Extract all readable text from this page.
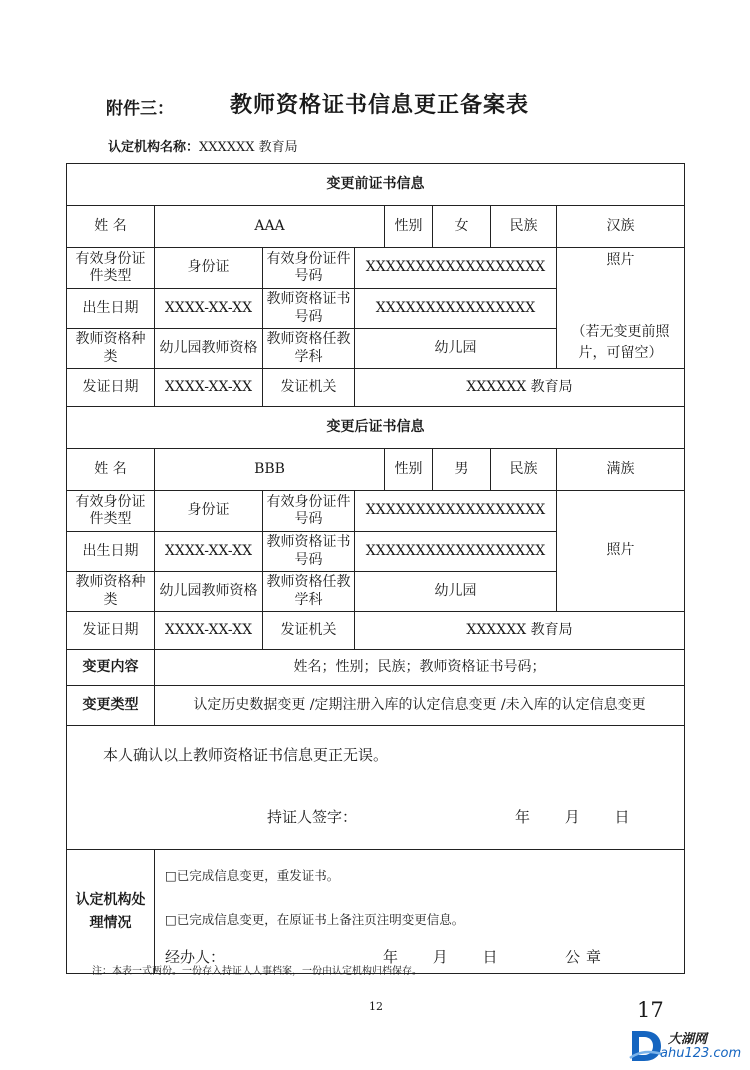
附件三：	教师资格证书信息更正备案表
认定机构名称：XXXXXX 教育局
变更前证书信息							
姓 名	AAA			性别	女	民族	汉族
有效身份证件类型	身份证	有效身份证件号码	XXXXXXXXXXXXXXXXXX				照片
（若无变更前照片，可留空）

出生日期	XXXX-XX-XX	教师资格证书号码	XXXXXXXXXXXXXXXX				
教师资格种类	幼儿园教师资格	教师资格任教学科	幼儿园				
发证日期	XXXX-XX-XX	发证机关	XXXXXX 教育局				
变更后证书信息							
姓 名	BBB			性别	男	民族	满族
有效身份证件类型	身份证	有效身份证件号码	XXXXXXXXXXXXXXXXXX				照片
出生日期	XXXX-XX-XX	教师资格证书号码	XXXXXXXXXXXXXXXXXX				
教师资格种类	幼儿园教师资格	教师资格任教学科	幼儿园				
发证日期	XXXX-XX-XX	发证机关	XXXXXX 教育局				
变更内容	姓名；性别；民族；教师资格证书号码；						
变更类型	认定历史数据变更 /定期注册入库的认定信息变更 /未入库的认定信息变更						

本人确认以上教师资格证书信息更正无误。
持证人签字： 年 月 日							

认定机构处理情况	□已完成信息变更，重发证书。
□已完成信息变更，在原证书上备注页注明变更信息。
经办人： 年 月 日 公章						
注：本表一式两份。一份存入持证人人事档案，一份由认定机构归档保存。
12	17
大湖网
ahu123.com
